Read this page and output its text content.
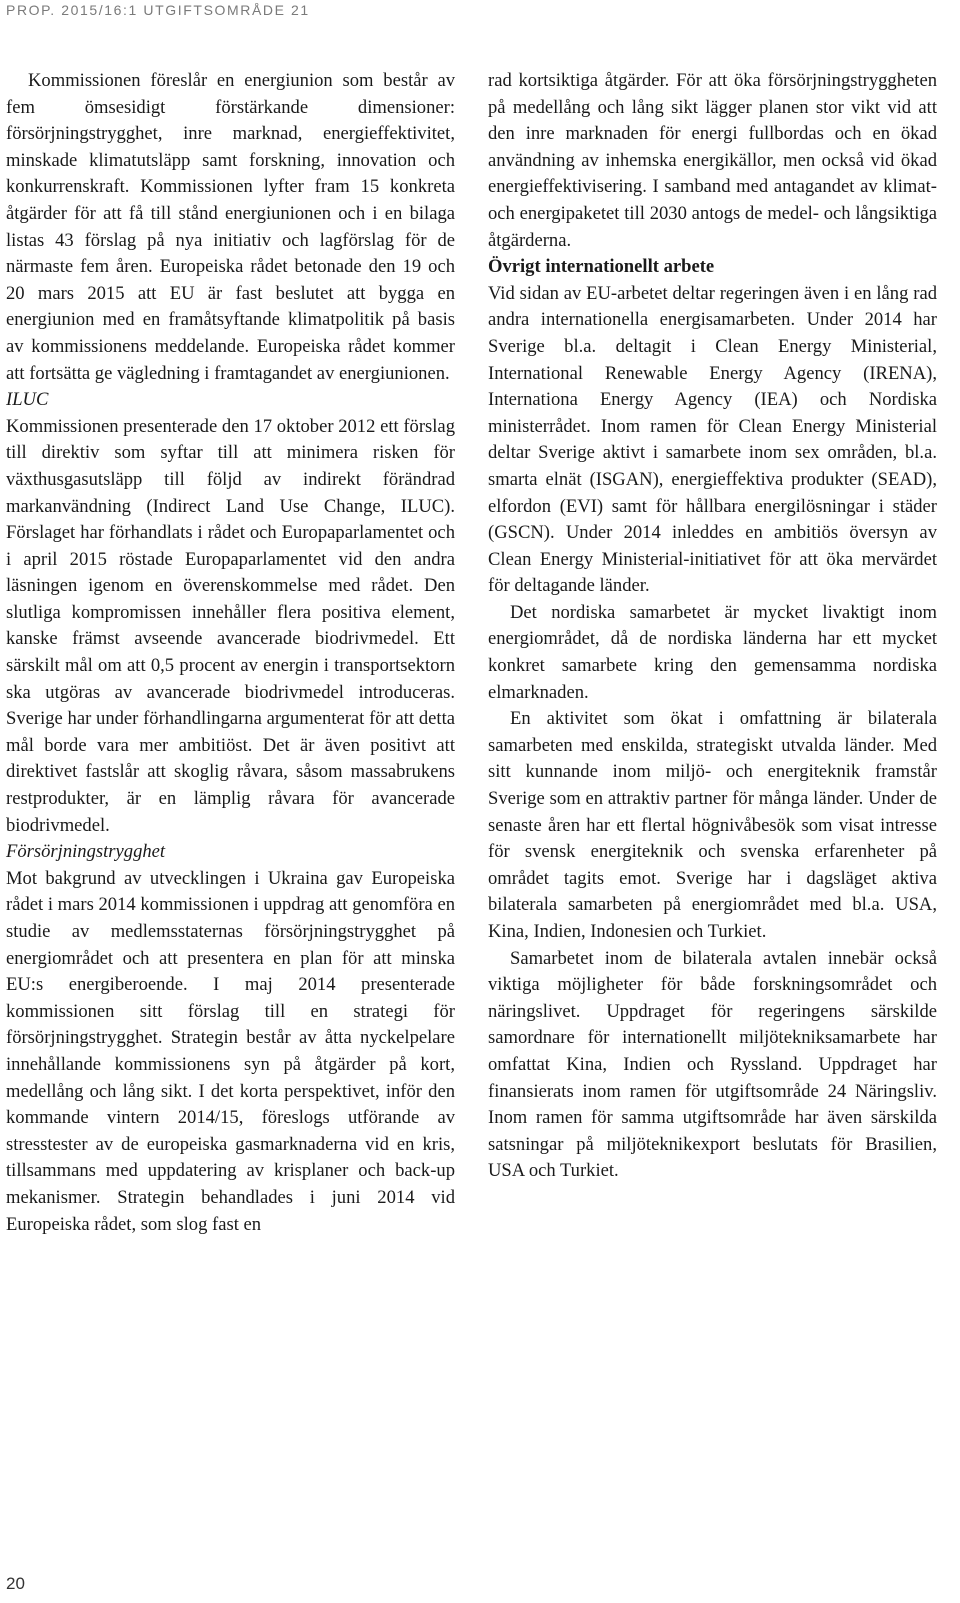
PROP. 2015/16:1 UTGIFTSOMRÅDE 21

Kommissionen föreslår en energiunion som består av fem ömsesidigt förstärkande dimensioner: försörjningstrygghet, inre marknad, energieffektivitet, minskade klimatutsläpp samt forskning, innovation och konkurrenskraft. Kommissionen lyfter fram 15 konkreta åtgärder för att få till stånd energiunionen och i en bilaga listas 43 förslag på nya initiativ och lagförslag för de närmaste fem åren. Europeiska rådet betonade den 19 och 20 mars 2015 att EU är fast beslutet att bygga en energiunion med en framåtsyftande klimatpolitik på basis av kommissionens meddelande. Europeiska rådet kommer att fortsätta ge vägledning i framtagandet av energiunionen.

ILUC

Kommissionen presenterade den 17 oktober 2012 ett förslag till direktiv som syftar till att minimera risken för växthusgasutsläpp till följd av indirekt förändrad markanvändning (Indirect Land Use Change, ILUC). Förslaget har förhandlats i rådet och Europaparlamentet och i april 2015 röstade Europaparlamentet vid den andra läsningen igenom en överenskommelse med rådet. Den slutliga kompromissen innehåller flera positiva element, kanske främst avseende avancerade biodrivmedel. Ett särskilt mål om att 0,5 procent av energin i transportsektorn ska utgöras av avancerade biodrivmedel introduceras. Sverige har under förhandlingarna argumenterat för att detta mål borde vara mer ambitiöst. Det är även positivt att direktivet fastslår att skoglig råvara, såsom massabrukens restprodukter, är en lämplig råvara för avancerade biodrivmedel.

Försörjningstrygghet

Mot bakgrund av utvecklingen i Ukraina gav Europeiska rådet i mars 2014 kommissionen i uppdrag att genomföra en studie av medlemsstaternas försörjningstrygghet på energiområdet och att presentera en plan för att minska EU:s energiberoende. I maj 2014 presenterade kommissionen sitt förslag till en strategi för försörjningstrygghet. Strategin består av åtta nyckelpelare innehållande kommissionens syn på åtgärder på kort, medellång och lång sikt. I det korta perspektivet, inför den kommande vintern 2014/15, föreslogs utförande av stresstester av de europeiska gasmarknaderna vid en kris, tillsammans med uppdatering av krisplaner och back-up mekanismer. Strategin behandlades i juni 2014 vid Europeiska rådet, som slog fast en

rad kortsiktiga åtgärder. För att öka försörjningstryggheten på medellång och lång sikt lägger planen stor vikt vid att den inre marknaden för energi fullbordas och en ökad användning av inhemska energikällor, men också vid ökad energieffektivisering. I samband med antagandet av klimat- och energipaketet till 2030 antogs de medel- och långsiktiga åtgärderna.

Övrigt internationellt arbete

Vid sidan av EU-arbetet deltar regeringen även i en lång rad andra internationella energisamarbeten. Under 2014 har Sverige bl.a. deltagit i Clean Energy Ministerial, International Renewable Energy Agency (IRENA), Internationa Energy Agency (IEA) och Nordiska ministerrådet. Inom ramen för Clean Energy Ministerial deltar Sverige aktivt i samarbete inom sex områden, bl.a. smarta elnät (ISGAN), energieffektiva produkter (SEAD), elfordon (EVI) samt för hållbara energilösningar i städer (GSCN). Under 2014 inleddes en ambitiös översyn av Clean Energy Ministerial-initiativet för att öka mervärdet för deltagande länder.

Det nordiska samarbetet är mycket livaktigt inom energiområdet, då de nordiska länderna har ett mycket konkret samarbete kring den gemensamma nordiska elmarknaden.

En aktivitet som ökat i omfattning är bilaterala samarbeten med enskilda, strategiskt utvalda länder. Med sitt kunnande inom miljö- och energiteknik framstår Sverige som en attraktiv partner för många länder. Under de senaste åren har ett flertal högnivåbesök som visat intresse för svensk energiteknik och svenska erfarenheter på området tagits emot. Sverige har i dagsläget aktiva bilaterala samarbeten på energiområdet med bl.a. USA, Kina, Indien, Indonesien och Turkiet.

Samarbetet inom de bilaterala avtalen innebär också viktiga möjligheter för både forskningsområdet och näringslivet. Uppdraget för regeringens särskilde samordnare för internationellt miljötekniksamarbete har omfattat Kina, Indien och Ryssland. Uppdraget har finansierats inom ramen för utgiftsområde 24 Näringsliv. Inom ramen för samma utgiftsområde har även särskilda satsningar på miljöteknikexport beslutats för Brasilien, USA och Turkiet.

20
